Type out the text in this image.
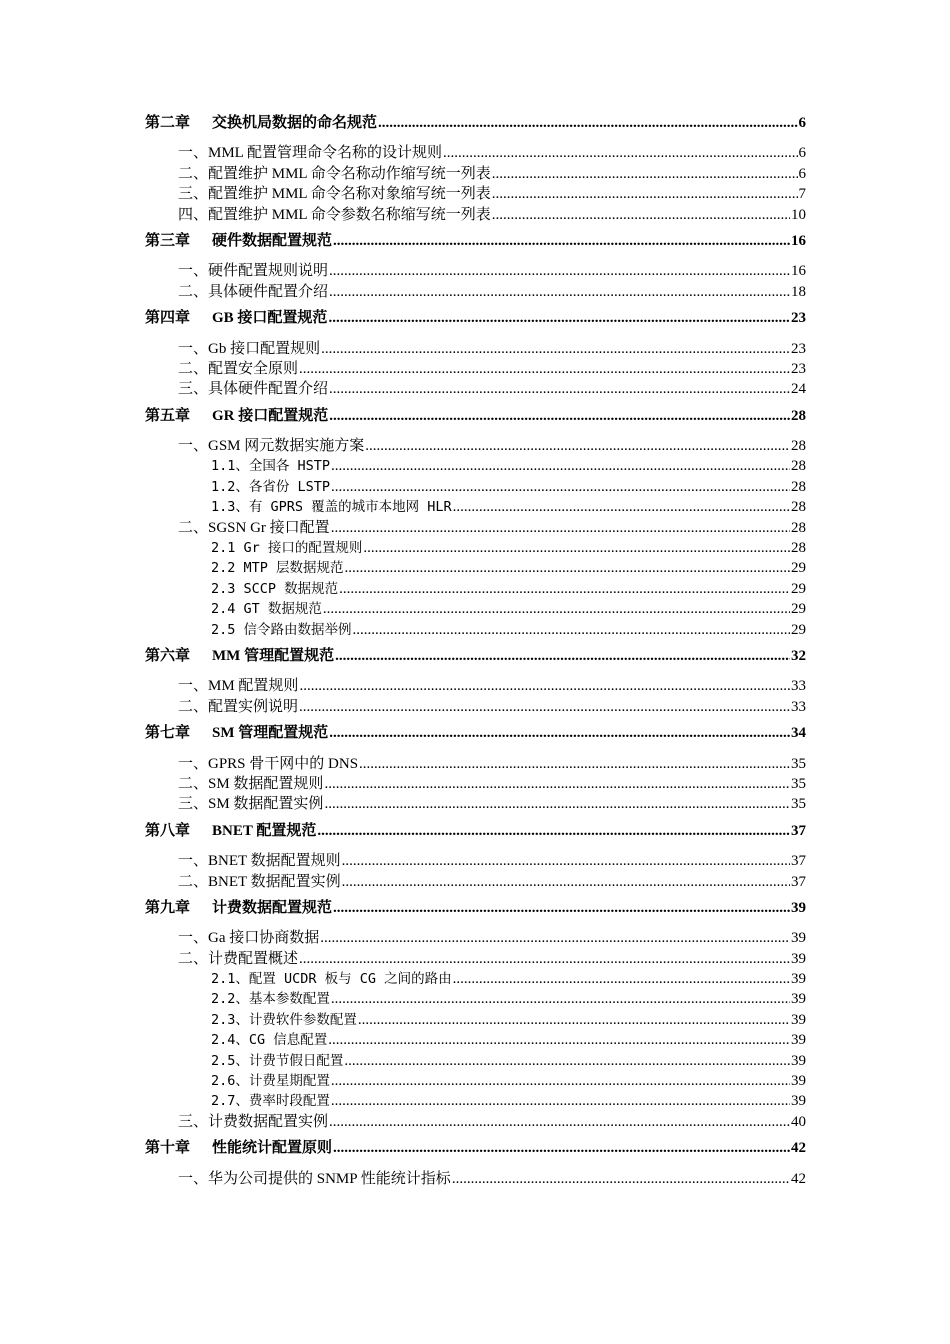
第二章 交换机局数据的命名规范 .....	6
一、MML 配置管理命令名称的设计规则 .....	6
二、配置维护 MML 命令名称动作缩写统一列表 .....	6
三、配置维护 MML 命令名称对象缩写统一列表 .....	7
四、配置维护 MML 命令参数名称缩写统一列表 .....	10
第三章 硬件数据配置规范 .....	16
一、硬件配置规则说明 .....	16
二、具体硬件配置介绍 .....	18
第四章 GB 接口配置规范 .....	23
一、Gb 接口配置规则 .....	23
二、配置安全原则 .....	23
三、具体硬件配置介绍 .....	24
第五章 GR 接口配置规范 .....	28
一、GSM 网元数据实施方案 .....	28
1.1、全国各 HSTP .....	28
1.2、各省份 LSTP .....	28
1.3、有 GPRS 覆盖的城市本地网 HLR .....	28
二、SGSN Gr 接口配置 .....	28
2.1 Gr 接口的配置规则 .....	28
2.2 MTP 层数据规范 .....	29
2.3 SCCP 数据规范 .....	29
2.4 GT 数据规范 .....	29
2.5 信令路由数据举例 .....	29
第六章 MM 管理配置规范 .....	32
一、MM 配置规则 .....	33
二、配置实例说明 .....	33
第七章 SM 管理配置规范 .....	34
一、GPRS 骨干网中的 DNS .....	35
二、SM 数据配置规则 .....	35
三、SM 数据配置实例 .....	35
第八章 BNET 配置规范 .....	37
一、BNET 数据配置规则 .....	37
二、BNET 数据配置实例 .....	37
第九章 计费数据配置规范 .....	39
一、Ga 接口协商数据 .....	39
二、计费配置概述 .....	39
2.1、配置 UCDR 板与 CG 之间的路由 .....	39
2.2、基本参数配置 .....	39
2.3、计费软件参数配置 .....	39
2.4、CG 信息配置 .....	39
2.5、计费节假日配置 .....	39
2.6、计费星期配置 .....	39
2.7、费率时段配置 .....	39
三、计费数据配置实例 .....	40
第十章 性能统计配置原则 .....	42
一、华为公司提供的 SNMP 性能统计指标 .....	42
